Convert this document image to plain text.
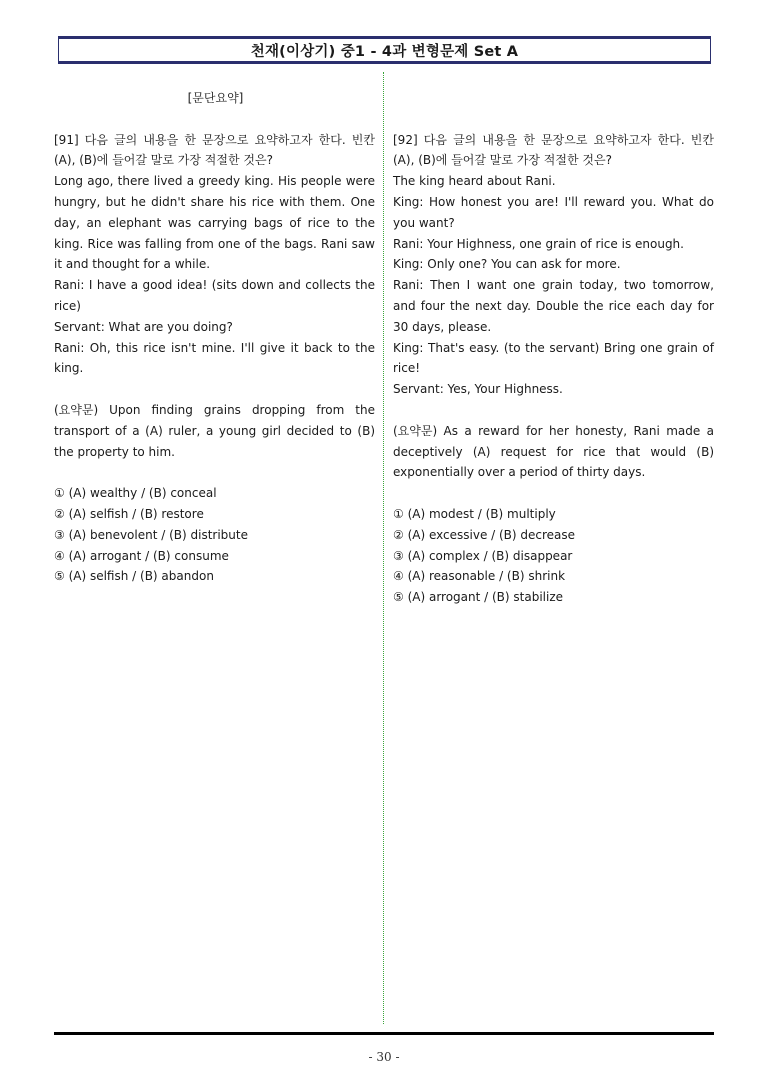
천재(이상기) 중1 - 4과 변형문제 Set A
[문단요약]

[91] 다음 글의 내용을 한 문장으로 요약하고자 한다. 빈칸 (A), (B)에 들어갈 말로 가장 적절한 것은?

Long ago, there lived a greedy king. His people were hungry, but he didn't share his rice with them. One day, an elephant was carrying bags of rice to the king. Rice was falling from one of the bags. Rani saw it and thought for a while.

Rani: I have a good idea! (sits down and collects the rice)

Servant: What are you doing?

Rani: Oh, this rice isn't mine. I'll give it back to the king.

(요약문) Upon finding grains dropping from the transport of a (A) ruler, a young girl decided to (B) the property to him.

① (A) wealthy / (B) conceal

② (A) selfish / (B) restore

③ (A) benevolent / (B) distribute

④ (A) arrogant / (B) consume

⑤ (A) selfish / (B) abandon

[92] 다음 글의 내용을 한 문장으로 요약하고자 한다. 빈칸 (A), (B)에 들어갈 말로 가장 적절한 것은?

The king heard about Rani.

King: How honest you are! I'll reward you. What do you want?

Rani: Your Highness, one grain of rice is enough.

King: Only one? You can ask for more.

Rani: Then I want one grain today, two tomorrow, and four the next day. Double the rice each day for 30 days, please.

King: That's easy. (to the servant) Bring one grain of rice!

Servant: Yes, Your Highness.

(요약문) As a reward for her honesty, Rani made a deceptively (A) request for rice that would (B) exponentially over a period of thirty days.

① (A) modest / (B) multiply

② (A) excessive / (B) decrease

③ (A) complex / (B) disappear

④ (A) reasonable / (B) shrink

⑤ (A) arrogant / (B) stabilize

- 30 -
